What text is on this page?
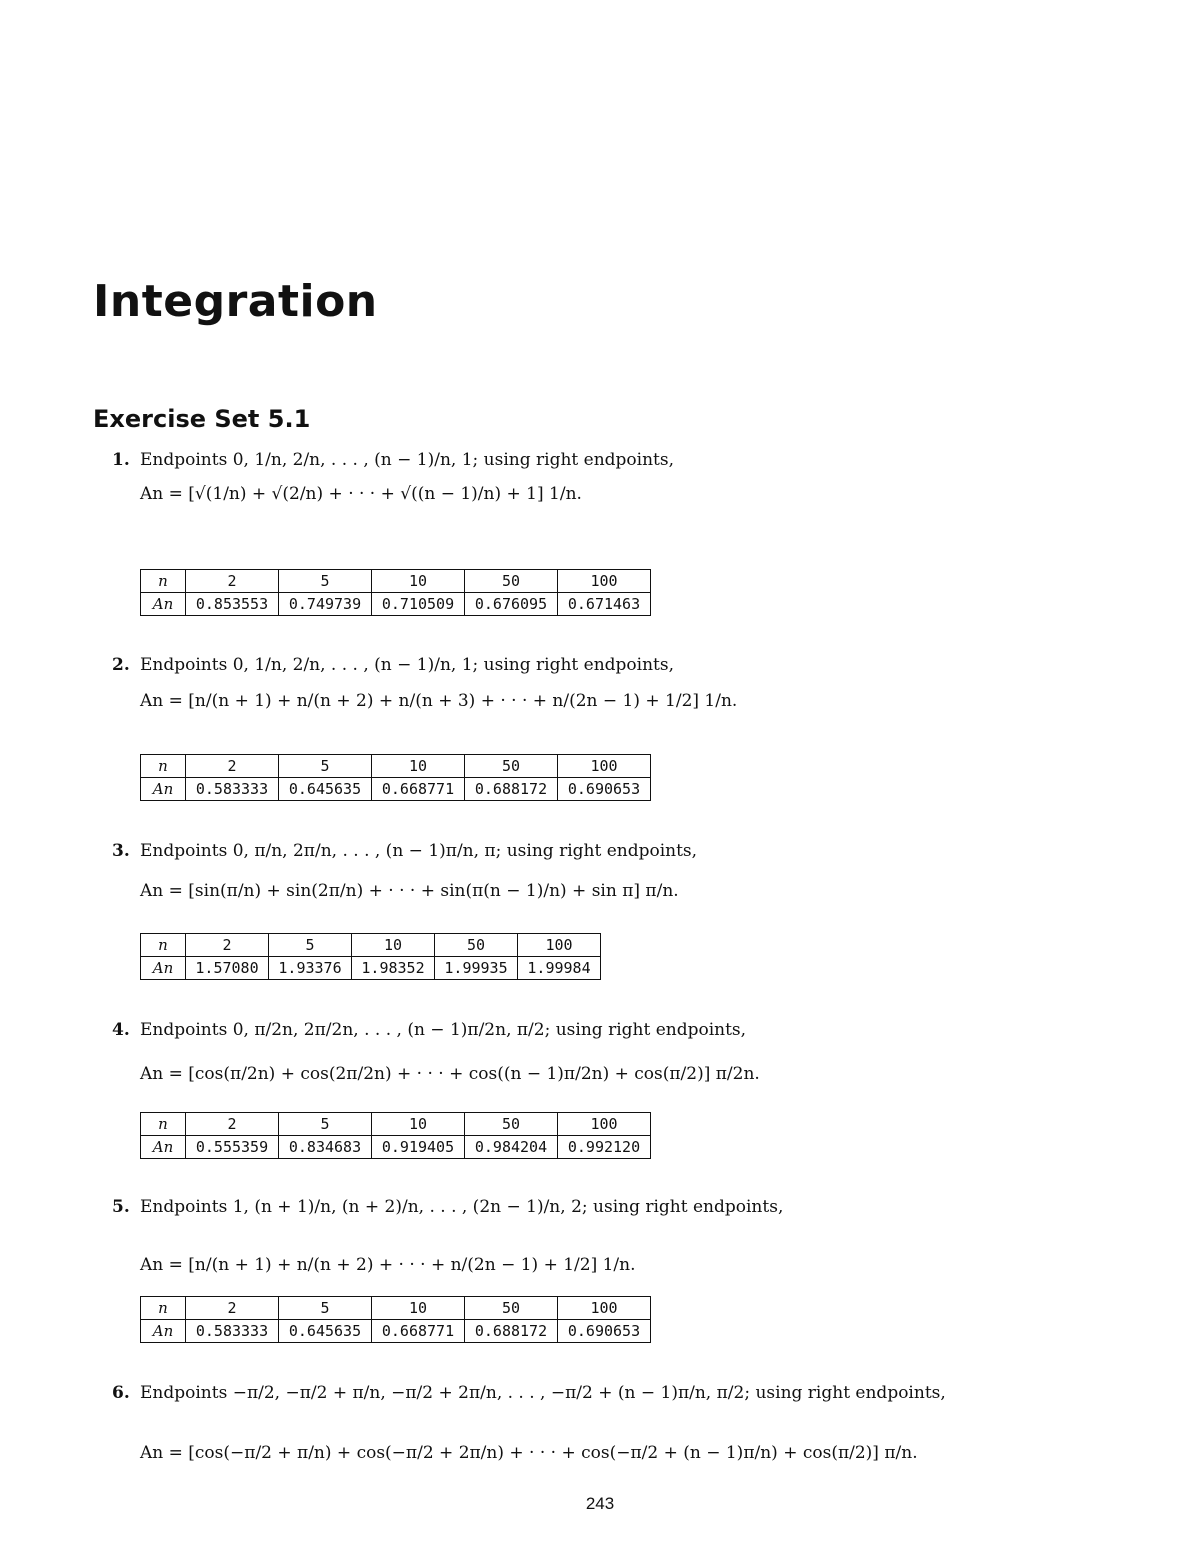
Integration
Exercise Set 5.1
1. Endpoints 0, 1/n, 2/n, . . . , (n − 1)/n, 1; using right endpoints,
An = [√(1/n) + √(2/n) + · · · + √((n − 1)/n) + 1] 1/n.
n	2	5	10	50	100
An	0.853553	0.749739	0.710509	0.676095	0.671463
2. Endpoints 0, 1/n, 2/n, . . . , (n − 1)/n, 1; using right endpoints,
An = [n/(n + 1) + n/(n + 2) + n/(n + 3) + · · · + n/(2n − 1) + 1/2] 1/n.
n	2	5	10	50	100
An	0.583333	0.645635	0.668771	0.688172	0.690653
3. Endpoints 0, π/n, 2π/n, . . . , (n − 1)π/n, π; using right endpoints,
An = [sin(π/n) + sin(2π/n) + · · · + sin(π(n − 1)/n) + sin π] π/n.
n	2	5	10	50	100
An	1.57080	1.93376	1.98352	1.99935	1.99984
4. Endpoints 0, π/2n, 2π/2n, . . . , (n − 1)π/2n, π/2; using right endpoints,
An = [cos(π/2n) + cos(2π/2n) + · · · + cos((n − 1)π/2n) + cos(π/2)] π/2n.
n	2	5	10	50	100
An	0.555359	0.834683	0.919405	0.984204	0.992120
5. Endpoints 1, (n + 1)/n, (n + 2)/n, . . . , (2n − 1)/n, 2; using right endpoints,
An = [n/(n + 1) + n/(n + 2) + · · · + n/(2n − 1) + 1/2] 1/n.
n	2	5	10	50	100
An	0.583333	0.645635	0.668771	0.688172	0.690653
6. Endpoints −π/2, −π/2 + π/n, −π/2 + 2π/n, . . . , −π/2 + (n − 1)π/n, π/2; using right endpoints,
An = [cos(−π/2 + π/n) + cos(−π/2 + 2π/n) + · · · + cos(−π/2 + (n − 1)π/n) + cos(π/2)] π/n.
243
